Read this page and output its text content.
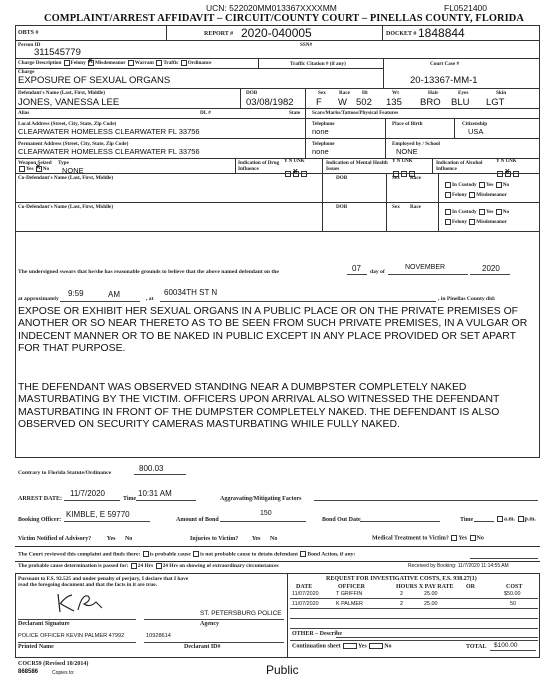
UCN: 522020MM013367XXXXMM	FL0521400
COMPLAINT/ARREST AFFIDAVIT – CIRCUIT/COUNTY COURT – PINELLAS COUNTY, FLORIDA
OBTS #	REPORT # 2020-040005	DOCKET # 1848844
Person ID
311545779
SSN#
Charge Description Felony X Misdemeanor Warrant Traffic Ordinance	Traffic Citation # (if any)	Court Case #
Charge
EXPOSURE OF SEXUAL ORGANS	20-13367-MM-1
Defendant's Name (Last, First, Middle)
JONES, VANESSA LEE
DOB
03/08/1982
Sex
F
Race
W
Ht
502
Wt
135
Hair
BRO
Eyes
BLU
Skin
LGT
Alias	DL #	State Scars/Marks/Tattoos/Physical Features
Local Address (Street, City, State, Zip Code)
CLEARWATER HOMELESS CLEARWATER FL 33756
Telephone
none
Place of Birth	Citizenship
USA
Permanent Address (Street, City, State, Zip Code)
CLEARWATER HOMELESS CLEARWATER FL 33756
Telephone
none
Employed by / School
NONE
Weapon Seized Type
Yes X No NONE
Indication of Drug Influence
Y N UNK
X	Indication of Mental Health Issues
Y N UNK	Indication of Alcohol Influence
Y N UNK
X
Co-Defendant's Name (Last, First, Middle)	DOB	Sex Race
In Custody Yes No
Felony Misdemeanor
Co-Defendant's Name (Last, First, Middle)	DOB	Sex Race
In Custody Yes No
Felony Misdemeanor
The undersigned swears that he/she has reasonable grounds to believe that the above named defendant on the	07 day of
NOVEMBER	2020
at approximately
9:59	AM	, at
60034TH ST N
, in Pinellas County did:
EXPOSE OR EXHIBIT HER SEXUAL ORGANS IN A PUBLIC PLACE OR ON THE PRIVATE PREMISES OF ANOTHER OR SO NEAR THERETO AS TO BE SEEN FROM SUCH PRIVATE PREMISES, IN A VULGAR OR INDECENT MANNER OR TO BE NAKED IN PUBLIC EXCEPT IN ANY PLACE PROVIDED OR SET APART FOR THAT PURPOSE.
THE DEFENDANT WAS OBSERVED STANDING NEAR A DUMBPSTER COMPLETELY NAKED MASTURBATING BY THE VICTIM. OFFICERS UPON ARRIVAL ALSO WITNESSED THE DEFENDANT MASTURBATING IN FRONT OF THE DUMPSTER COMPLETELY NAKED. THE DEFENDANT IS ALSO OBSERVED ON SECURITY CAMERAS MASTURBATING WHILE FULLY NAKED.
Contrary to Florida Statute/Ordinance	800.03
ARREST DATE:
11/7/2020
Time
10:31 AM
Aggravating/Mitigating Factors
Booking Officer:
KIMBLE, E 59770
Amount of Bond
150
Bond Out Date	Time	a.m. p.m.
Victim Notified of Advisory?	Yes No	Injuries to Victim? Yes No	Medical Treatment to Victim? Yes No
The Court reviewed this complaint and finds there: is probable cause is not probable cause to detain defendant Bond Action, if any:
The probable cause determination is passed for: 24 Hrs 24 Hrs on showing of extraordinary circumstances	Received by Booking: 11/7/2020 11:14:55 AM
Pursuant to F.S. 92.525 and under penalty of perjury, I declare that I have
read the foregoing document and that the facts in it are true.
ST. PETERSBURG POLICE
Declarant Signature	Agency
POLICE OFFICER KEVIN PALMER 47992	10928614
Printed Name	Declarant ID#
REQUEST FOR INVESTIGATIVE COSTS, F.S. 938.27(1)
DATE	OFFICER	HOURS X PAY RATE OR	COST
11/07/2020	T GRIFFIN	2	25.00	$50.00
11/07/2020	K PALMER	2	25.00	50
OTHER – Describe
Continuation sheet	Yes	No	TOTAL $100.00
COCR59 (Revised 10/2014)
868586	Copies to:	Public
